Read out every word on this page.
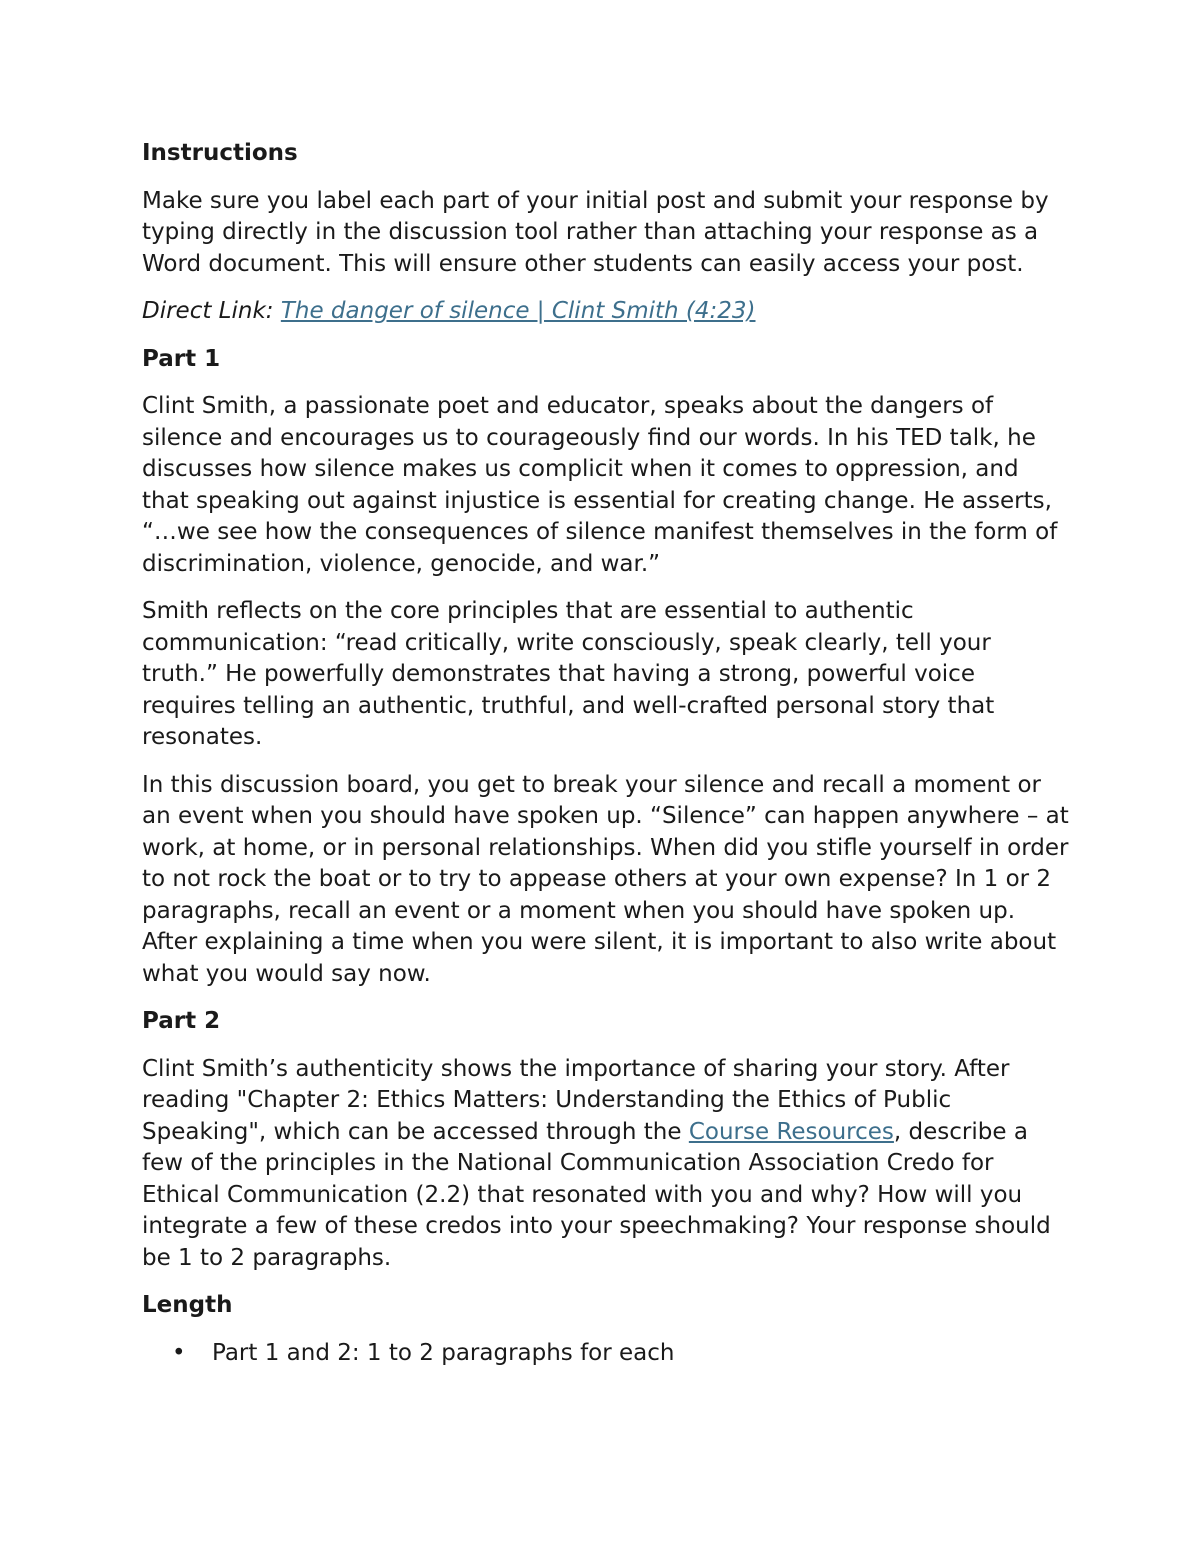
Instructions

Make sure you label each part of your initial post and submit your response by typing directly in the discussion tool rather than attaching your response as a Word document. This will ensure other students can easily access your post.

Direct Link: The danger of silence | Clint Smith (4:23)

Part 1

Clint Smith, a passionate poet and educator, speaks about the dangers of silence and encourages us to courageously find our words. In his TED talk, he discusses how silence makes us complicit when it comes to oppression, and that speaking out against injustice is essential for creating change. He asserts, “…we see how the consequences of silence manifest themselves in the form of discrimination, violence, genocide, and war.”

Smith reflects on the core principles that are essential to authentic communication: “read critically, write consciously, speak clearly, tell your truth.” He powerfully demonstrates that having a strong, powerful voice requires telling an authentic, truthful, and well-crafted personal story that resonates.

In this discussion board, you get to break your silence and recall a moment or an event when you should have spoken up. “Silence” can happen anywhere – at work, at home, or in personal relationships. When did you stifle yourself in order to not rock the boat or to try to appease others at your own expense? In 1 or 2 paragraphs, recall an event or a moment when you should have spoken up. After explaining a time when you were silent, it is important to also write about what you would say now.

Part 2

Clint Smith’s authenticity shows the importance of sharing your story. After reading "Chapter 2: Ethics Matters: Understanding the Ethics of Public Speaking", which can be accessed through the Course Resources, describe a few of the principles in the National Communication Association Credo for Ethical Communication (2.2) that resonated with you and why? How will you integrate a few of these credos into your speechmaking? Your response should be 1 to 2 paragraphs.

Length
• Part 1 and 2: 1 to 2 paragraphs for each
